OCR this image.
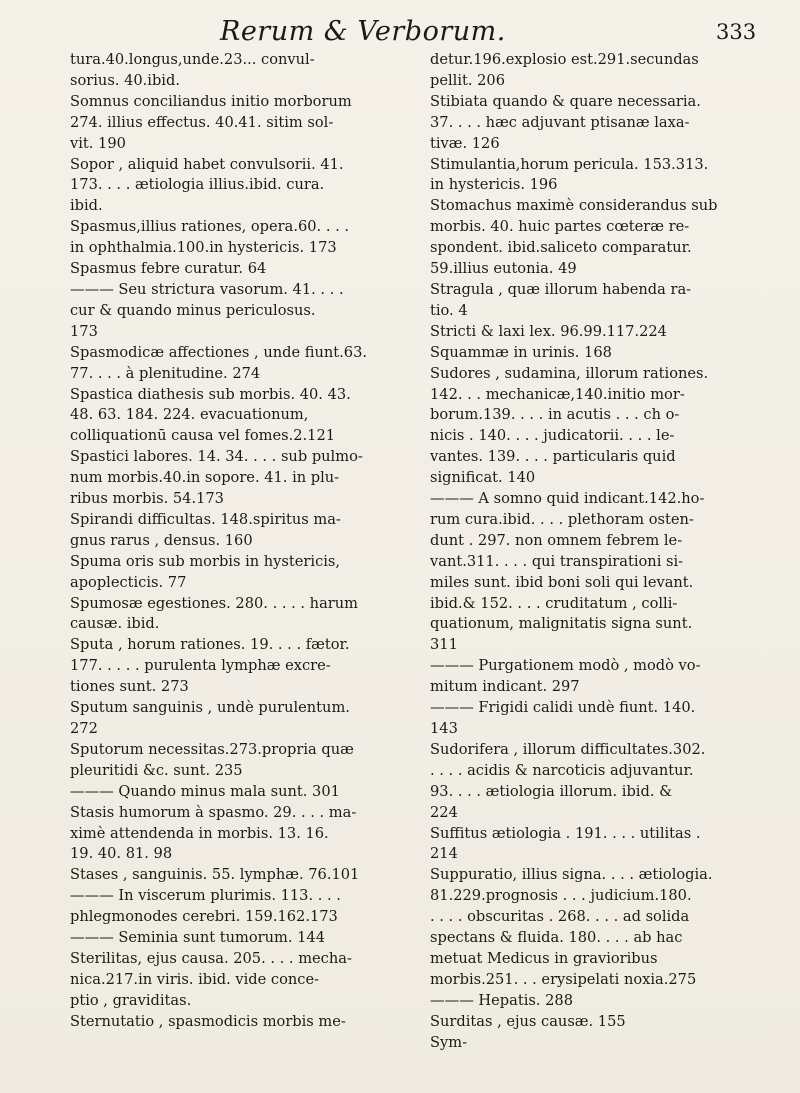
Rerum & Verborum.	333

tura.40.longus,unde.23... convul-

sorius. 40.ibid.

Somnus conciliandus initio morborum

274. illius effectus. 40.41. sitim sol-

vit. 190

Sopor , aliquid habet convulsorii. 41.

173. . . . ætiologia illius.ibid. cura.

ibid.

Spasmus,illius rationes, opera.60. . . .

in ophthalmia.100.in hystericis. 173

Spasmus febre curatur. 64

——— Seu strictura vasorum. 41. . . .

cur & quando minus periculosus.

173

Spasmodicæ affectiones , unde fiunt.63.

77. . . . à plenitudine. 274

Spastica diathesis sub morbis. 40. 43.

48. 63. 184. 224. evacuationum,

colliquationū causa vel fomes.2.121

Spastici labores. 14. 34. . . . sub pulmo-

num morbis.40.in sopore. 41. in plu-

ribus morbis. 54.173

Spirandi difficultas. 148.spiritus ma-

gnus rarus , densus. 160

Spuma oris sub morbis in hystericis,

apoplecticis. 77

Spumosæ egestiones. 280. . . . . harum

causæ. ibid.

Sputa , horum rationes. 19. . . . fætor.

177. . . . . purulenta lymphæ excre-

tiones sunt. 273

Sputum sanguinis , undè purulentum.

272

Sputorum necessitas.273.propria quæ

pleuritidi &c. sunt. 235

——— Quando minus mala sunt. 301

Stasis humorum à spasmo. 29. . . . ma-

ximè attendenda in morbis. 13. 16.

19. 40. 81. 98

Stases , sanguinis. 55. lymphæ. 76.101

——— In viscerum plurimis. 113. . . .

phlegmonodes cerebri. 159.162.173

——— Seminia sunt tumorum. 144

Sterilitas, ejus causa. 205. . . . mecha-

nica.217.in viris. ibid. vide conce-

ptio , graviditas.

Sternutatio , spasmodicis morbis me-

detur.196.explosio est.291.secundas

pellit. 206

Stibiata quando & quare necessaria.

37. . . . hæc adjuvant ptisanæ laxa-

tivæ. 126

Stimulantia,horum pericula. 153.313.

in hystericis. 196

Stomachus maximè considerandus sub

morbis. 40. huic partes cœteræ re-

spondent. ibid.saliceto comparatur.

59.illius eutonia. 49

Stragula , quæ illorum habenda ra-

tio. 4

Stricti & laxi lex. 96.99.117.224

Squammæ in urinis. 168

Sudores , sudamina, illorum rationes.

142. . . mechanicæ,140.initio mor-

borum.139. . . . in acutis . . . ch o-

nicis . 140. . . . judicatorii. . . . le-

vantes. 139. . . . particularis quid

significat. 140

——— A somno quid indicant.142.ho-

rum cura.ibid. . . . plethoram osten-

dunt . 297. non omnem febrem le-

vant.311. . . . qui transpirationi si-

miles sunt. ibid boni soli qui levant.

ibid.& 152. . . . cruditatum , colli-

quationum, malignitatis signa sunt.

311

——— Purgationem modò , modò vo-

mitum indicant. 297

——— Frigidi calidi undè fiunt. 140.

143

Sudorifera , illorum difficultates.302.

. . . . acidis & narcoticis adjuvantur.

93. . . . ætiologia illorum. ibid. &

224

Suffitus ætiologia . 191. . . . utilitas .

214

Suppuratio, illius signa. . . . ætiologia.

81.229.prognosis . . . judicium.180.

. . . . obscuritas . 268. . . . ad solida

spectans & fluida. 180. . . . ab hac

metuat Medicus in gravioribus

morbis.251. . . erysipelati noxia.275

——— Hepatis. 288

Surditas , ejus causæ. 155

Sym-
